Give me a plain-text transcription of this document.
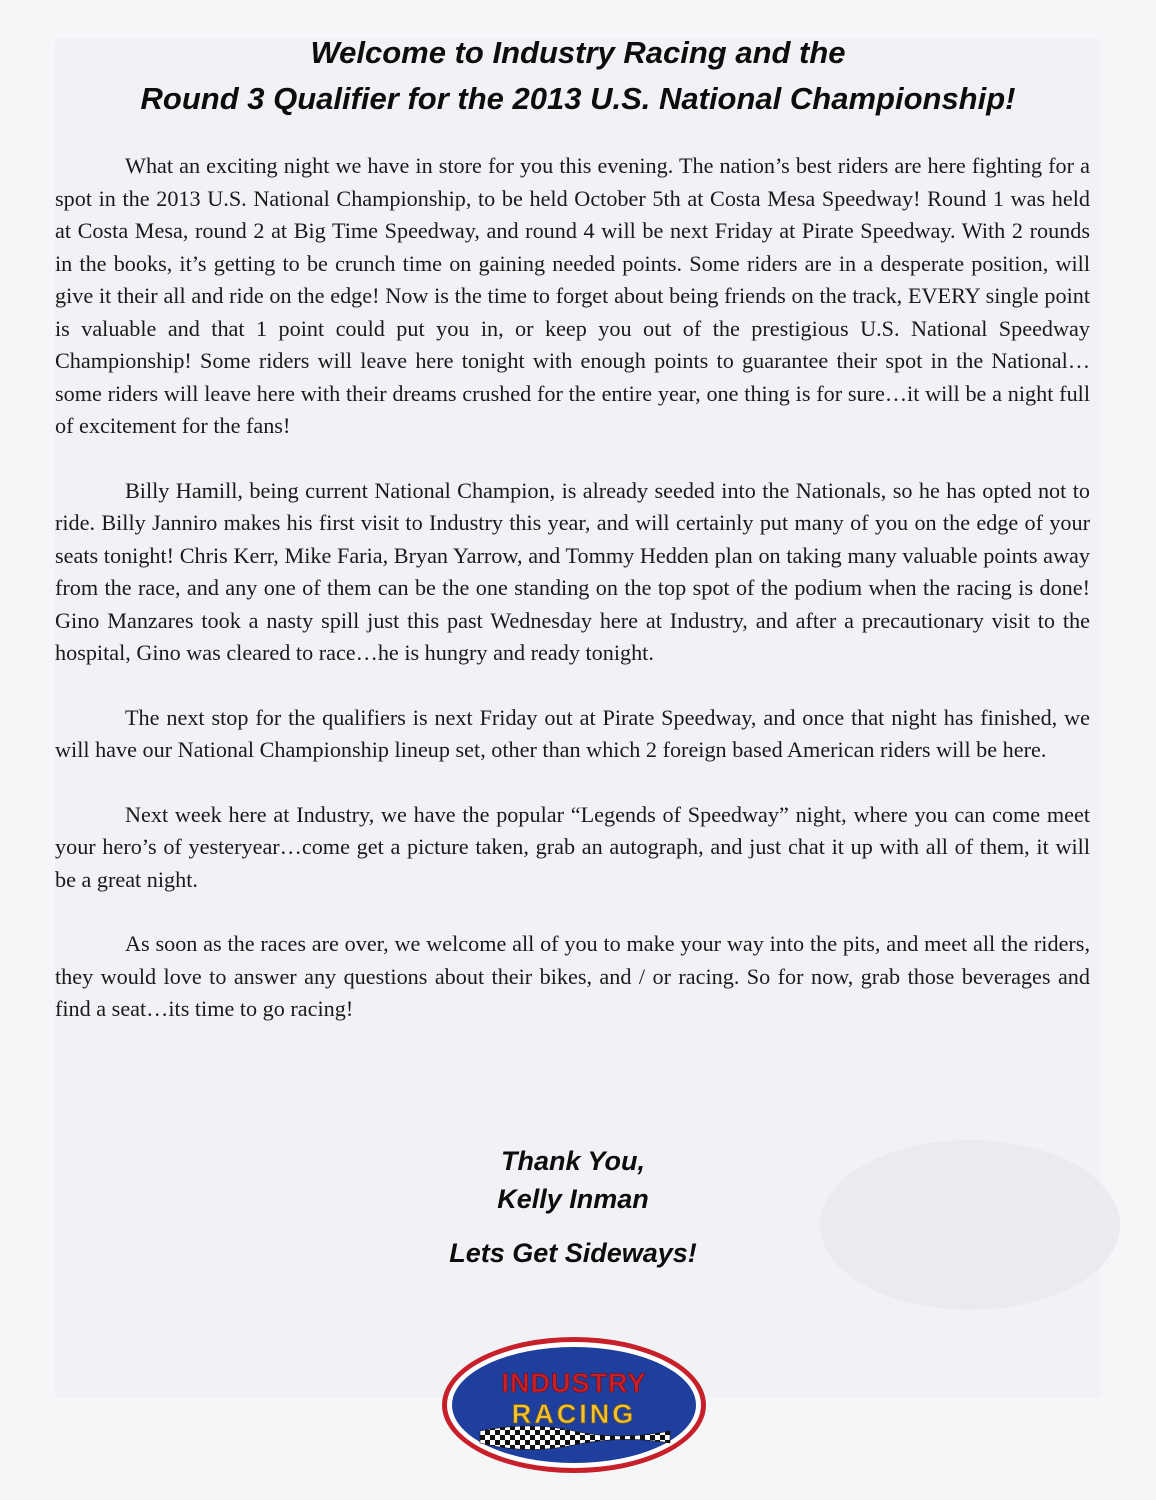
Welcome to Industry Racing and the
Round 3 Qualifier for the 2013 U.S. National Championship!

What an exciting night we have in store for you this evening. The nation’s best riders are here fighting for a spot in the 2013 U.S. National Championship, to be held October 5th at Costa Mesa Speedway! Round 1 was held at Costa Mesa, round 2 at Big Time Speedway, and round 4 will be next Friday at Pirate Speedway. With 2 rounds in the books, it’s getting to be crunch time on gaining needed points. Some riders are in a desperate position, will give it their all and ride on the edge! Now is the time to forget about being friends on the track, EVERY single point is valuable and that 1 point could put you in, or keep you out of the prestigious U.S. National Speedway Championship! Some riders will leave here tonight with enough points to guarantee their spot in the National…some riders will leave here with their dreams crushed for the entire year, one thing is for sure…it will be a night full of excitement for the fans!

Billy Hamill, being current National Champion, is already seeded into the Nationals, so he has opted not to ride. Billy Janniro makes his first visit to Industry this year, and will certainly put many of you on the edge of your seats tonight! Chris Kerr, Mike Faria, Bryan Yarrow, and Tommy Hedden plan on taking many valuable points away from the race, and any one of them can be the one standing on the top spot of the podium when the racing is done! Gino Manzares took a nasty spill just this past Wednesday here at Industry, and after a precautionary visit to the hospital, Gino was cleared to race…he is hungry and ready tonight.

The next stop for the qualifiers is next Friday out at Pirate Speedway, and once that night has finished, we will have our National Championship lineup set, other than which 2 foreign based American riders will be here.

Next week here at Industry, we have the popular “Legends of Speedway” night, where you can come meet your hero’s of yesteryear…come get a picture taken, grab an autograph, and just chat it up with all of them, it will be a great night.

As soon as the races are over, we welcome all of you to make your way into the pits, and meet all the riders, they would love to answer any questions about their bikes, and / or racing. So for now, grab those beverages and find a seat…its time to go racing!

Thank You,
Kelly Inman
Lets Get Sideways!
INDUSTRY
RACING
